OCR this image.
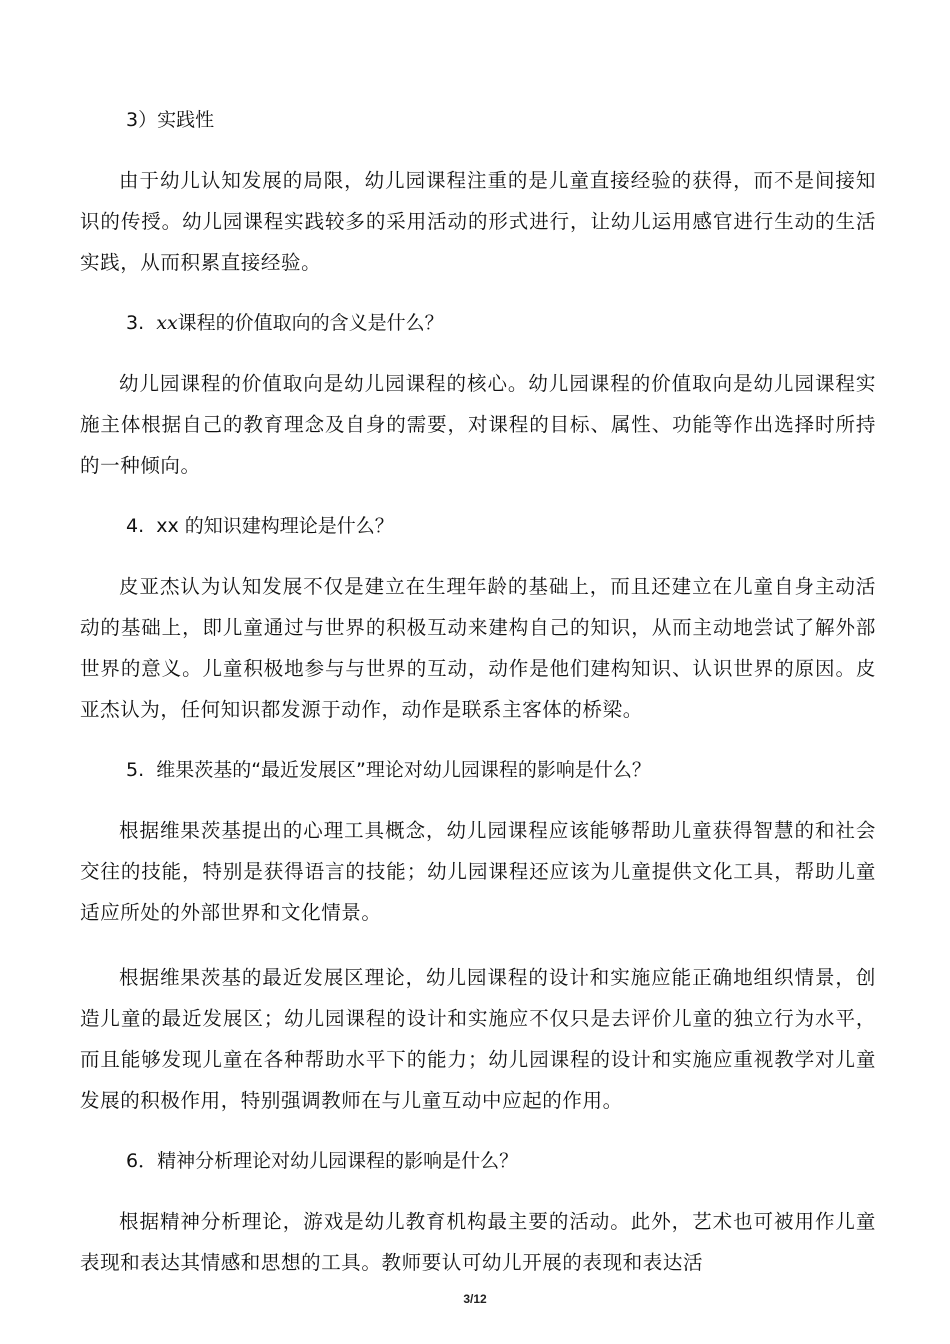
3）实践性

由于幼儿认知发展的局限，幼儿园课程注重的是儿童直接经验的获得，而不是间接知识的传授。幼儿园课程实践较多的采用活动的形式进行，让幼儿运用感官进行生动的生活实践，从而积累直接经验。

3. xx课程的价值取向的含义是什么？

幼儿园课程的价值取向是幼儿园课程的核心。幼儿园课程的价值取向是幼儿园课程实施主体根据自己的教育理念及自身的需要，对课程的目标、属性、功能等作出选择时所持的一种倾向。

4.  xx 的知识建构理论是什么？

皮亚杰认为认知发展不仅是建立在生理年龄的基础上，而且还建立在儿童自身主动活动的基础上，即儿童通过与世界的积极互动来建构自己的知识，从而主动地尝试了解外部世界的意义。儿童积极地参与与世界的互动，动作是他们建构知识、认识世界的原因。皮亚杰认为，任何知识都发源于动作，动作是联系主客体的桥梁。

5.  维果茨基的“最近发展区”理论对幼儿园课程的影响是什么？

根据维果茨基提出的心理工具概念，幼儿园课程应该能够帮助儿童获得智慧的和社会交往的技能，特别是获得语言的技能；幼儿园课程还应该为儿童提供文化工具，帮助儿童适应所处的外部世界和文化情景。

根据维果茨基的最近发展区理论，幼儿园课程的设计和实施应能正确地组织情景，创造儿童的最近发展区；幼儿园课程的设计和实施应不仅只是去评价儿童的独立行为水平，而且能够发现儿童在各种帮助水平下的能力；幼儿园课程的设计和实施应重视教学对儿童发展的积极作用，特别强调教师在与儿童互动中应起的作用。

6．精神分析理论对幼儿园课程的影响是什么？

根据精神分析理论，游戏是幼儿教育机构最主要的活动。此外，艺术也可被用作儿童表现和表达其情感和思想的工具。教师要认可幼儿开展的表现和表达活

3/12
